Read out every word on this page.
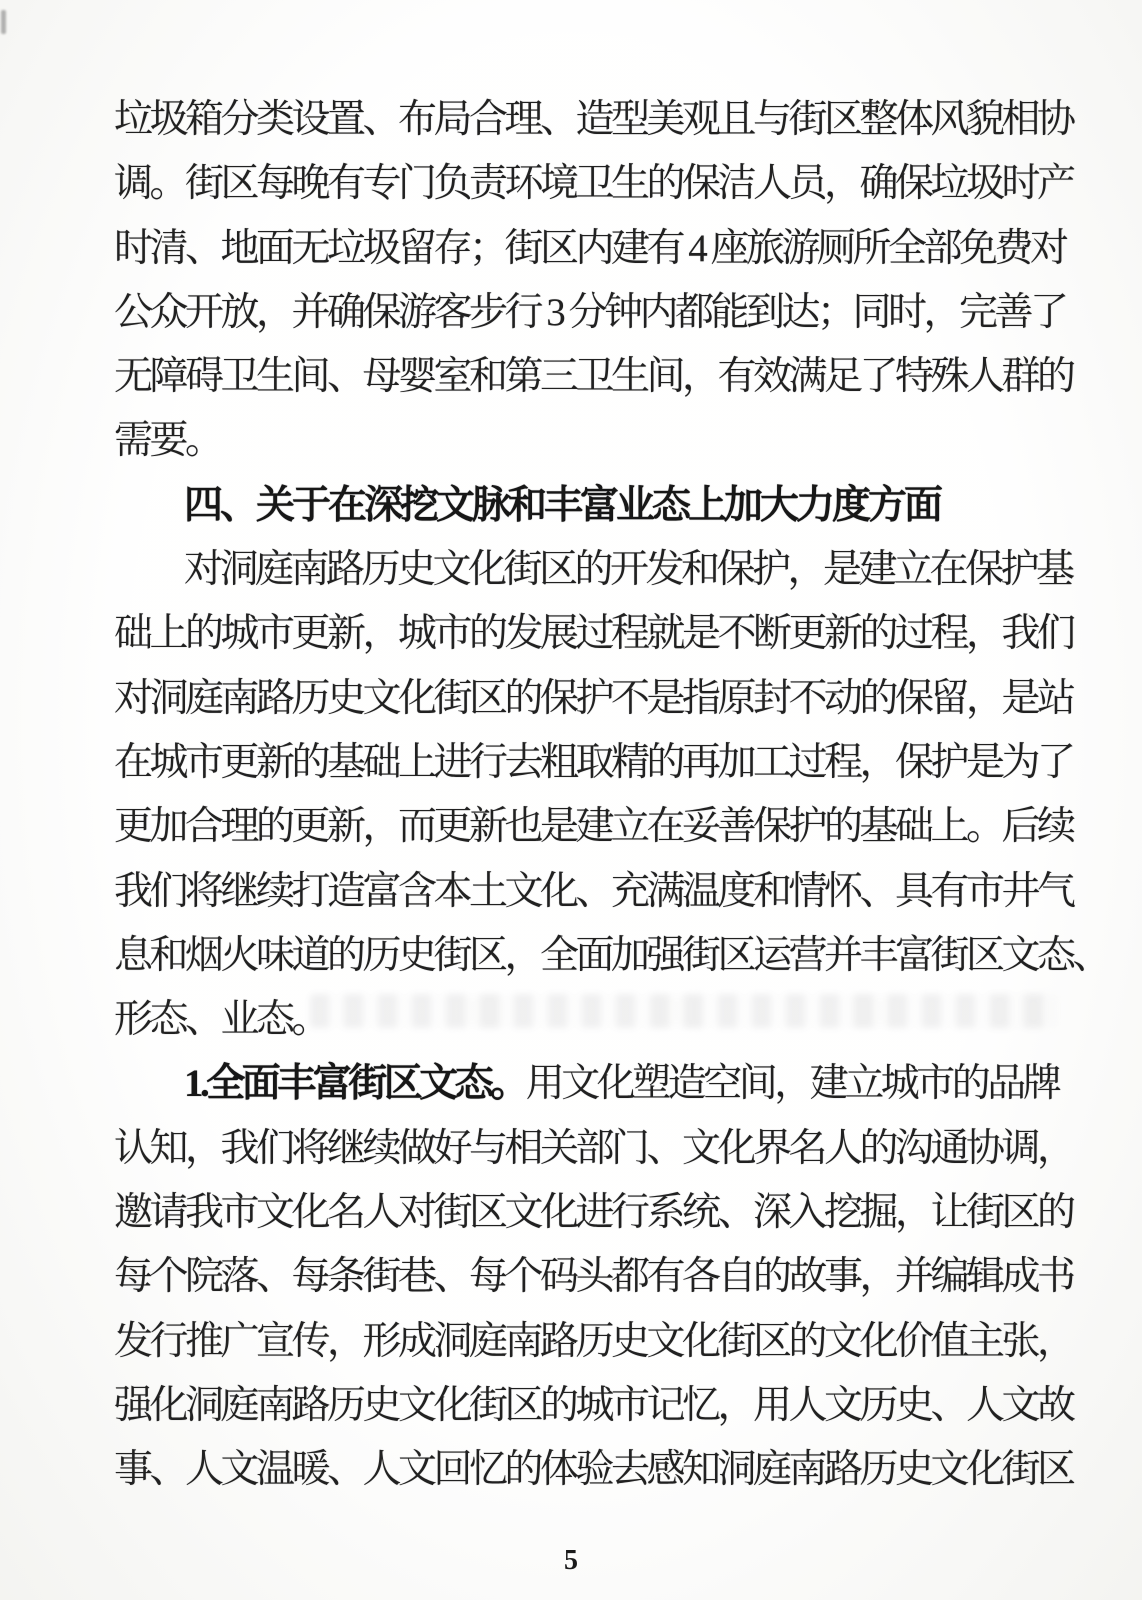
垃圾箱分类设置、布局合理、造型美观且与街区整体风貌相协
调。街区每晚有专门负责环境卫生的保洁人员，确保垃圾时产
时清、地面无垃圾留存；街区内建有 4 座旅游厕所全部免费对
公众开放，并确保游客步行 3 分钟内都能到达；同时，完善了
无障碍卫生间、母婴室和第三卫生间，有效满足了特殊人群的
需要。
四、关于在深挖文脉和丰富业态上加大力度方面
对洞庭南路历史文化街区的开发和保护，是建立在保护基
础上的城市更新，城市的发展过程就是不断更新的过程，我们
对洞庭南路历史文化街区的保护不是指原封不动的保留，是站
在城市更新的基础上进行去粗取精的再加工过程，保护是为了
更加合理的更新，而更新也是建立在妥善保护的基础上。后续
我们将继续打造富含本土文化、充满温度和情怀、具有市井气
息和烟火味道的历史街区，全面加强街区运营并丰富街区文态、
形态、业态。
1.全面丰富街区文态。用文化塑造空间，建立城市的品牌
认知，我们将继续做好与相关部门、文化界名人的沟通协调，
邀请我市文化名人对街区文化进行系统、深入挖掘，让街区的
每个院落、每条街巷、每个码头都有各自的故事，并编辑成书
发行推广宣传，形成洞庭南路历史文化街区的文化价值主张，
强化洞庭南路历史文化街区的城市记忆，用人文历史、人文故
事、人文温暖、人文回忆的体验去感知洞庭南路历史文化街区
5
